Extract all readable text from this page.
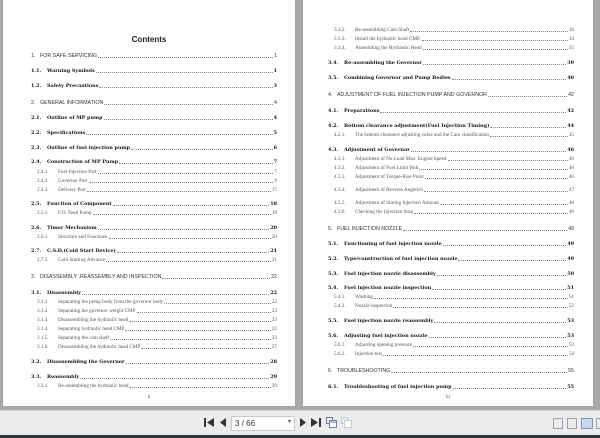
Contents
1. FOR SAFE SERVICING	1
1.1.	Warning Symbols	1
1.2.	Safety Precautions	3
2. GENERAL INFORMATION	4
2.1.	Outline of MP pump	4
2.2.	Specifications	5
2.3.	Outline of fuel injection pump	6
2.4.	Construction of MP Pump	7
2.4.1.	Fuel Injection Part	7
2.4.2.	Governor Part	8
2.4.3.	Delivery Part	17
2.5.	Function of Component	18
2.5.1.	F.O. Feed Pump	18
2.6.	Timer Mechanism	20
2.6.1.	Structure and Functions	20
2.7.	C.S.D.(Cold Start Device)	21
2.7.1.	Cold Starting Advance	21
3. DISASSEMBLY ,REASSEMBLY AND INSPECTION	22
3.1.	Disassembly	22
3.1.1.	Separating the pump body from the governor body	22
3.1.2.	Separating the governor weight CMP	23
3.1.3.	Disassembling the hydraulic head	23
3.1.4.	Separating hydraulic head CMP	23
3.1.5.	Separating the cam shaft	23
3.1.6.	Disassembling the hydraulic head CMP	27
3.2.	Disassembling the Governor	28
3.3.	Reassembly	29
3.3.1.	Re-assembling the hydraulic head	29
ii
3.3.2.	Re-assembling Cam Shaft	30
3.3.3.	Install the hydraulic head CMP.	34
3.3.4.	Assembling the Hydraulic Head	35
3.4.	Re-assembling the Governor	39
3.5.	Combining Governor and Pump Bodies	40
4. ADJUSTMENT OF FUEL INJECTION PUMP AND GOVERNOR	42
4.1.	Preparations	42
4.2.	Bottom clearance adjustment(Fuel Injection Timing)	44
4.2.1.	The bottom clearance adjusting value and the Cam classification	45
4.3.	Adjustment of Governor	46
4.3.1.	Adjustment of No Load Max. Engine Speed	46
4.3.2.	Adjustment of Fuel Limit Bolt	46
4.3.3.	Adjustment of Torque-Rise Point	46
4.3.4.	Adjustment of Reverse Angleich	47
4.3.5.	Adjustment of Staring Injection Amount	48
4.3.6.	Checking the Injection Stop	48
5. FUEL INJECTION NOZZLE	49
5.1.	Functioning of fuel injection nozzle	49
5.2.	Type/construction of fuel injection nozzle	49
5.3.	Fuel injection nozzle disassembly	50
5.4.	Fuel injection nozzle inspection	51
5.4.1.	Washing	51
5.4.2.	Nozzle inspection	52
5.5.	Fuel injection nozzle reassembly	53
5.6.	Adjusting fuel injection nozzle	53
5.6.1.	Adjusting opening pressure	53
5.6.2.	Injection test	54
6. TROUBLESHOOTING	55
6.1.	Troubleshooting of fuel injection pump	55
iii
3 / 66	▾
